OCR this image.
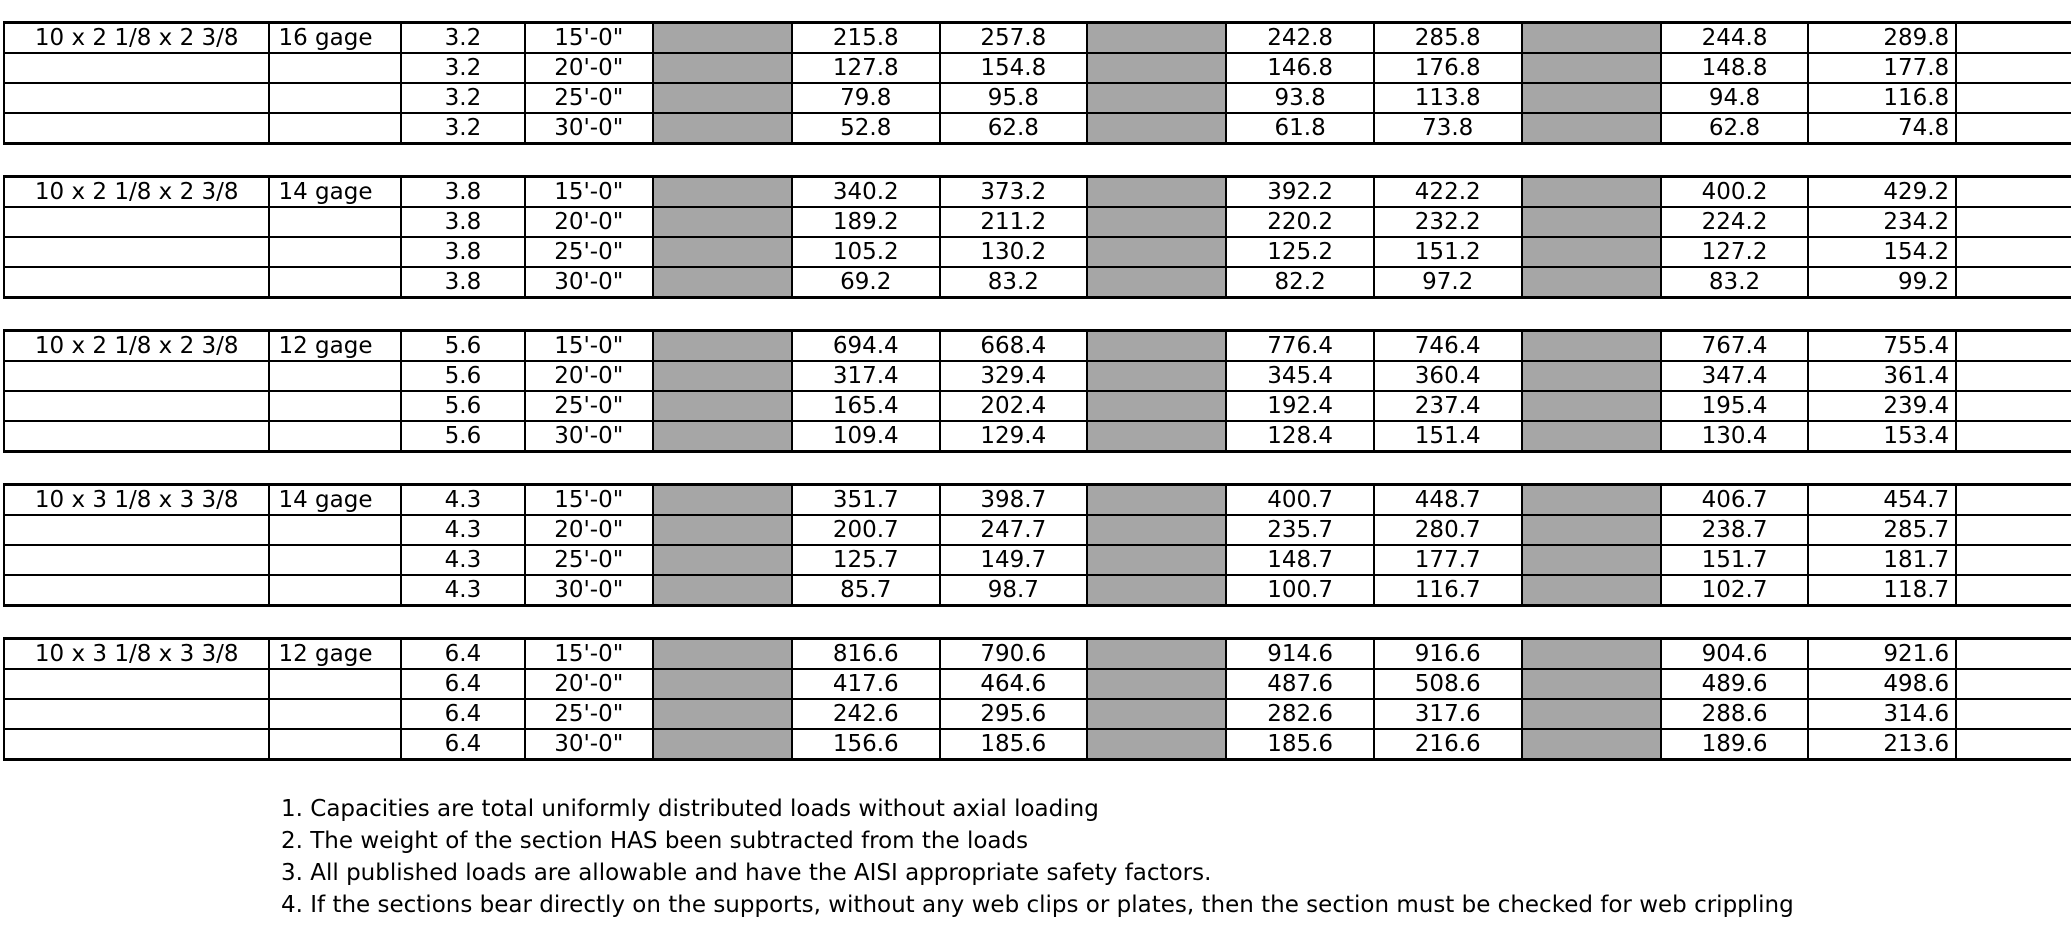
10 x 2 1/8 x 2 3/8	16 gage	3.2	15'-0"		215.8	257.8		242.8	285.8		244.8	289.8	
		3.2	20'-0"		127.8	154.8		146.8	176.8		148.8	177.8	
		3.2	25'-0"		79.8	95.8		93.8	113.8		94.8	116.8	
		3.2	30'-0"		52.8	62.8		61.8	73.8		62.8	74.8	
10 x 2 1/8 x 2 3/8	14 gage	3.8	15'-0"		340.2	373.2		392.2	422.2		400.2	429.2	
		3.8	20'-0"		189.2	211.2		220.2	232.2		224.2	234.2	
		3.8	25'-0"		105.2	130.2		125.2	151.2		127.2	154.2	
		3.8	30'-0"		69.2	83.2		82.2	97.2		83.2	99.2	
10 x 2 1/8 x 2 3/8	12 gage	5.6	15'-0"		694.4	668.4		776.4	746.4		767.4	755.4	
		5.6	20'-0"		317.4	329.4		345.4	360.4		347.4	361.4	
		5.6	25'-0"		165.4	202.4		192.4	237.4		195.4	239.4	
		5.6	30'-0"		109.4	129.4		128.4	151.4		130.4	153.4	
10 x 3 1/8 x 3 3/8	14 gage	4.3	15'-0"		351.7	398.7		400.7	448.7		406.7	454.7	
		4.3	20'-0"		200.7	247.7		235.7	280.7		238.7	285.7	
		4.3	25'-0"		125.7	149.7		148.7	177.7		151.7	181.7	
		4.3	30'-0"		85.7	98.7		100.7	116.7		102.7	118.7	
10 x 3 1/8 x 3 3/8	12 gage	6.4	15'-0"		816.6	790.6		914.6	916.6		904.6	921.6	
		6.4	20'-0"		417.6	464.6		487.6	508.6		489.6	498.6	
		6.4	25'-0"		242.6	295.6		282.6	317.6		288.6	314.6	
		6.4	30'-0"		156.6	185.6		185.6	216.6		189.6	213.6	
1. Capacities are total uniformly distributed loads without axial loading
2. The weight of the section HAS been subtracted from the loads
3. All published loads are allowable and have the AISI appropriate safety factors.
4. If the sections bear directly on the supports, without any web clips or plates, then the section must be checked for web crippling
